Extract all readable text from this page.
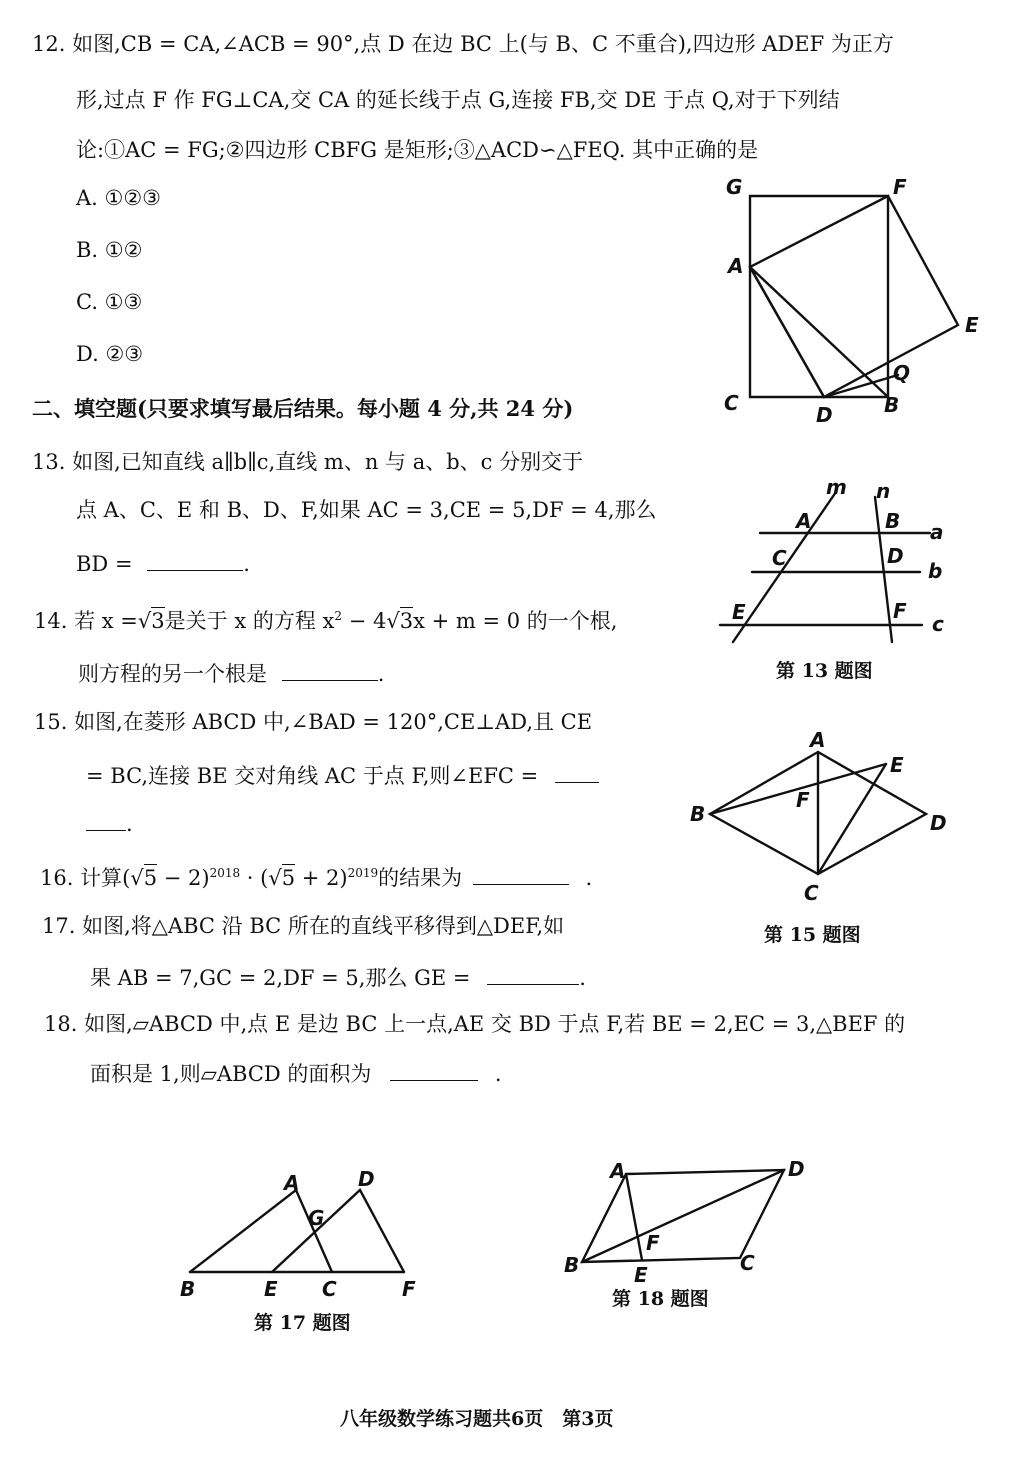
12. 如图,CB = CA,∠ACB = 90°,点 D 在边 BC 上(与 B、C 不重合),四边形 ADEF 为正方
形,过点 F 作 FG⊥CA,交 CA 的延长线于点 G,连接 FB,交 DE 于点 Q,对于下列结
论:①AC = FG;②四边形 CBFG 是矩形;③△ACD∽△FEQ. 其中正确的是
A. ①②③
B. ①②
C. ①③
D. ②③
G	F
A
E
Q
C	D	B
二、填空题(只要求填写最后结果。每小题 4 分,共 24 分)
13. 如图,已知直线 a∥b∥c,直线 m、n 与 a、b、c 分别交于
点 A、C、E 和 B、D、F,如果 AC = 3,CE = 5,DF = 4,那么
BD =	.
m n
A	B a
C	D
b
E	F
c
第 13 题图
14. 若 x =√3是关于 x 的方程 $x^2 - 4√3x + m = 0$ 的一个根,
则方程的另一个根是	.
15. 如图,在菱形 ABCD 中,∠BAD = 120°,CE⊥AD,且 CE
= BC,连接 BE 交对角线 AC 于点 F,则∠EFC =
.
A
E
F
B	D
C
第 15 题图
16. 计算$(√5 - 2)^{2018} \cdot (√5 + 2)^{2019}$的结果为	.
17. 如图,将△ABC 沿 BC 所在的直线平移得到△DEF,如
果 AB = 7,GC = 2,DF = 5,那么 GE =	.
18. 如图,▱ABCD 中,点 E 是边 BC 上一点,AE 交 BD 于点 F,若 BE = 2,EC = 3,△BEF 的
面积是 1,则▱ABCD 的面积为	.
A	D
G
B	E C	F
第 17 题图
A	D
F
B	E	C
第 18 题图
八年级数学练习题共6页　第3页
